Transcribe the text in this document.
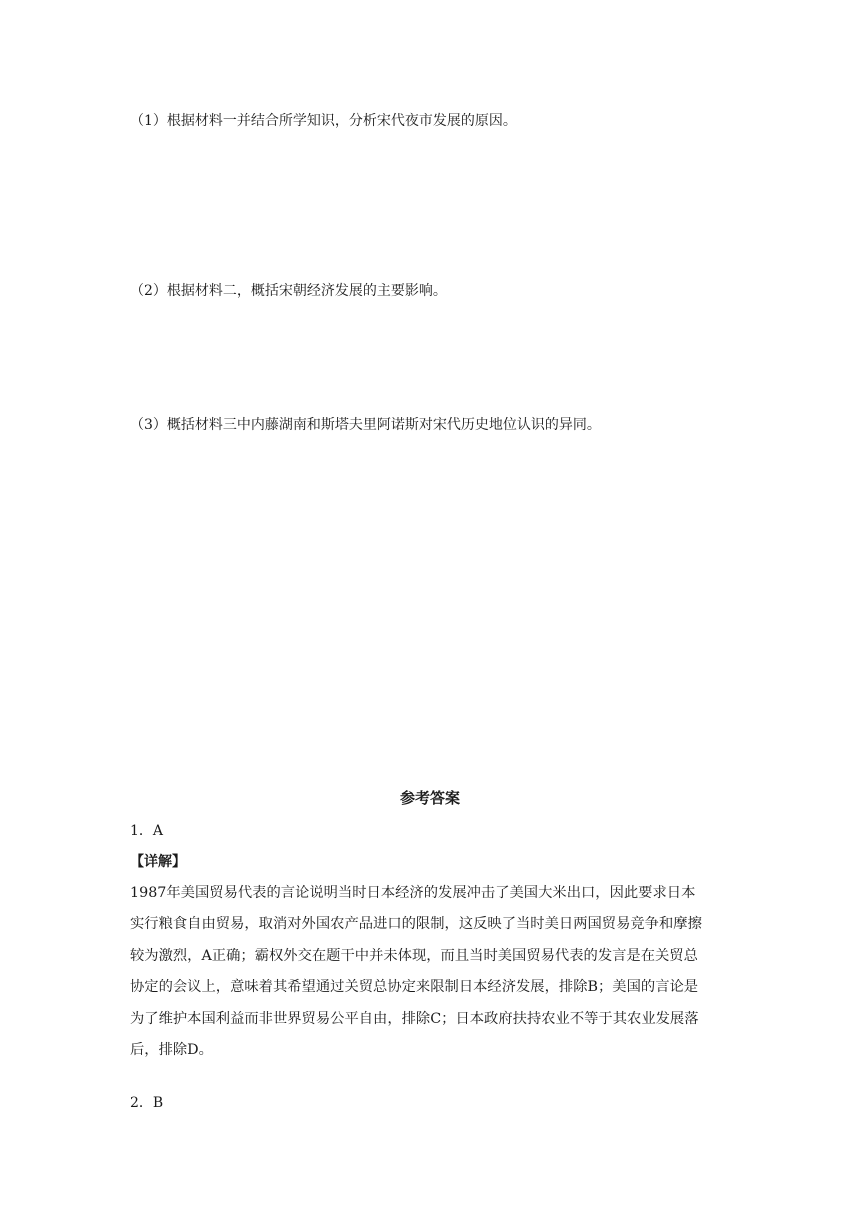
（1）根据材料一并结合所学知识，分析宋代夜市发展的原因。
（2）根据材料二，概括宋朝经济发展的主要影响。
（3）概括材料三中内藤湖南和斯塔夫里阿诺斯对宋代历史地位认识的异同。
参考答案
1．A
【详解】
1987年美国贸易代表的言论说明当时日本经济的发展冲击了美国大米出口，因此要求日本
实行粮食自由贸易，取消对外国农产品进口的限制，这反映了当时美日两国贸易竞争和摩擦
较为激烈，A正确；霸权外交在题干中并未体现，而且当时美国贸易代表的发言是在关贸总
协定的会议上，意味着其希望通过关贸总协定来限制日本经济发展，排除B；美国的言论是
为了维护本国利益而非世界贸易公平自由，排除C；日本政府扶持农业不等于其农业发展落
后，排除D。
2．B
